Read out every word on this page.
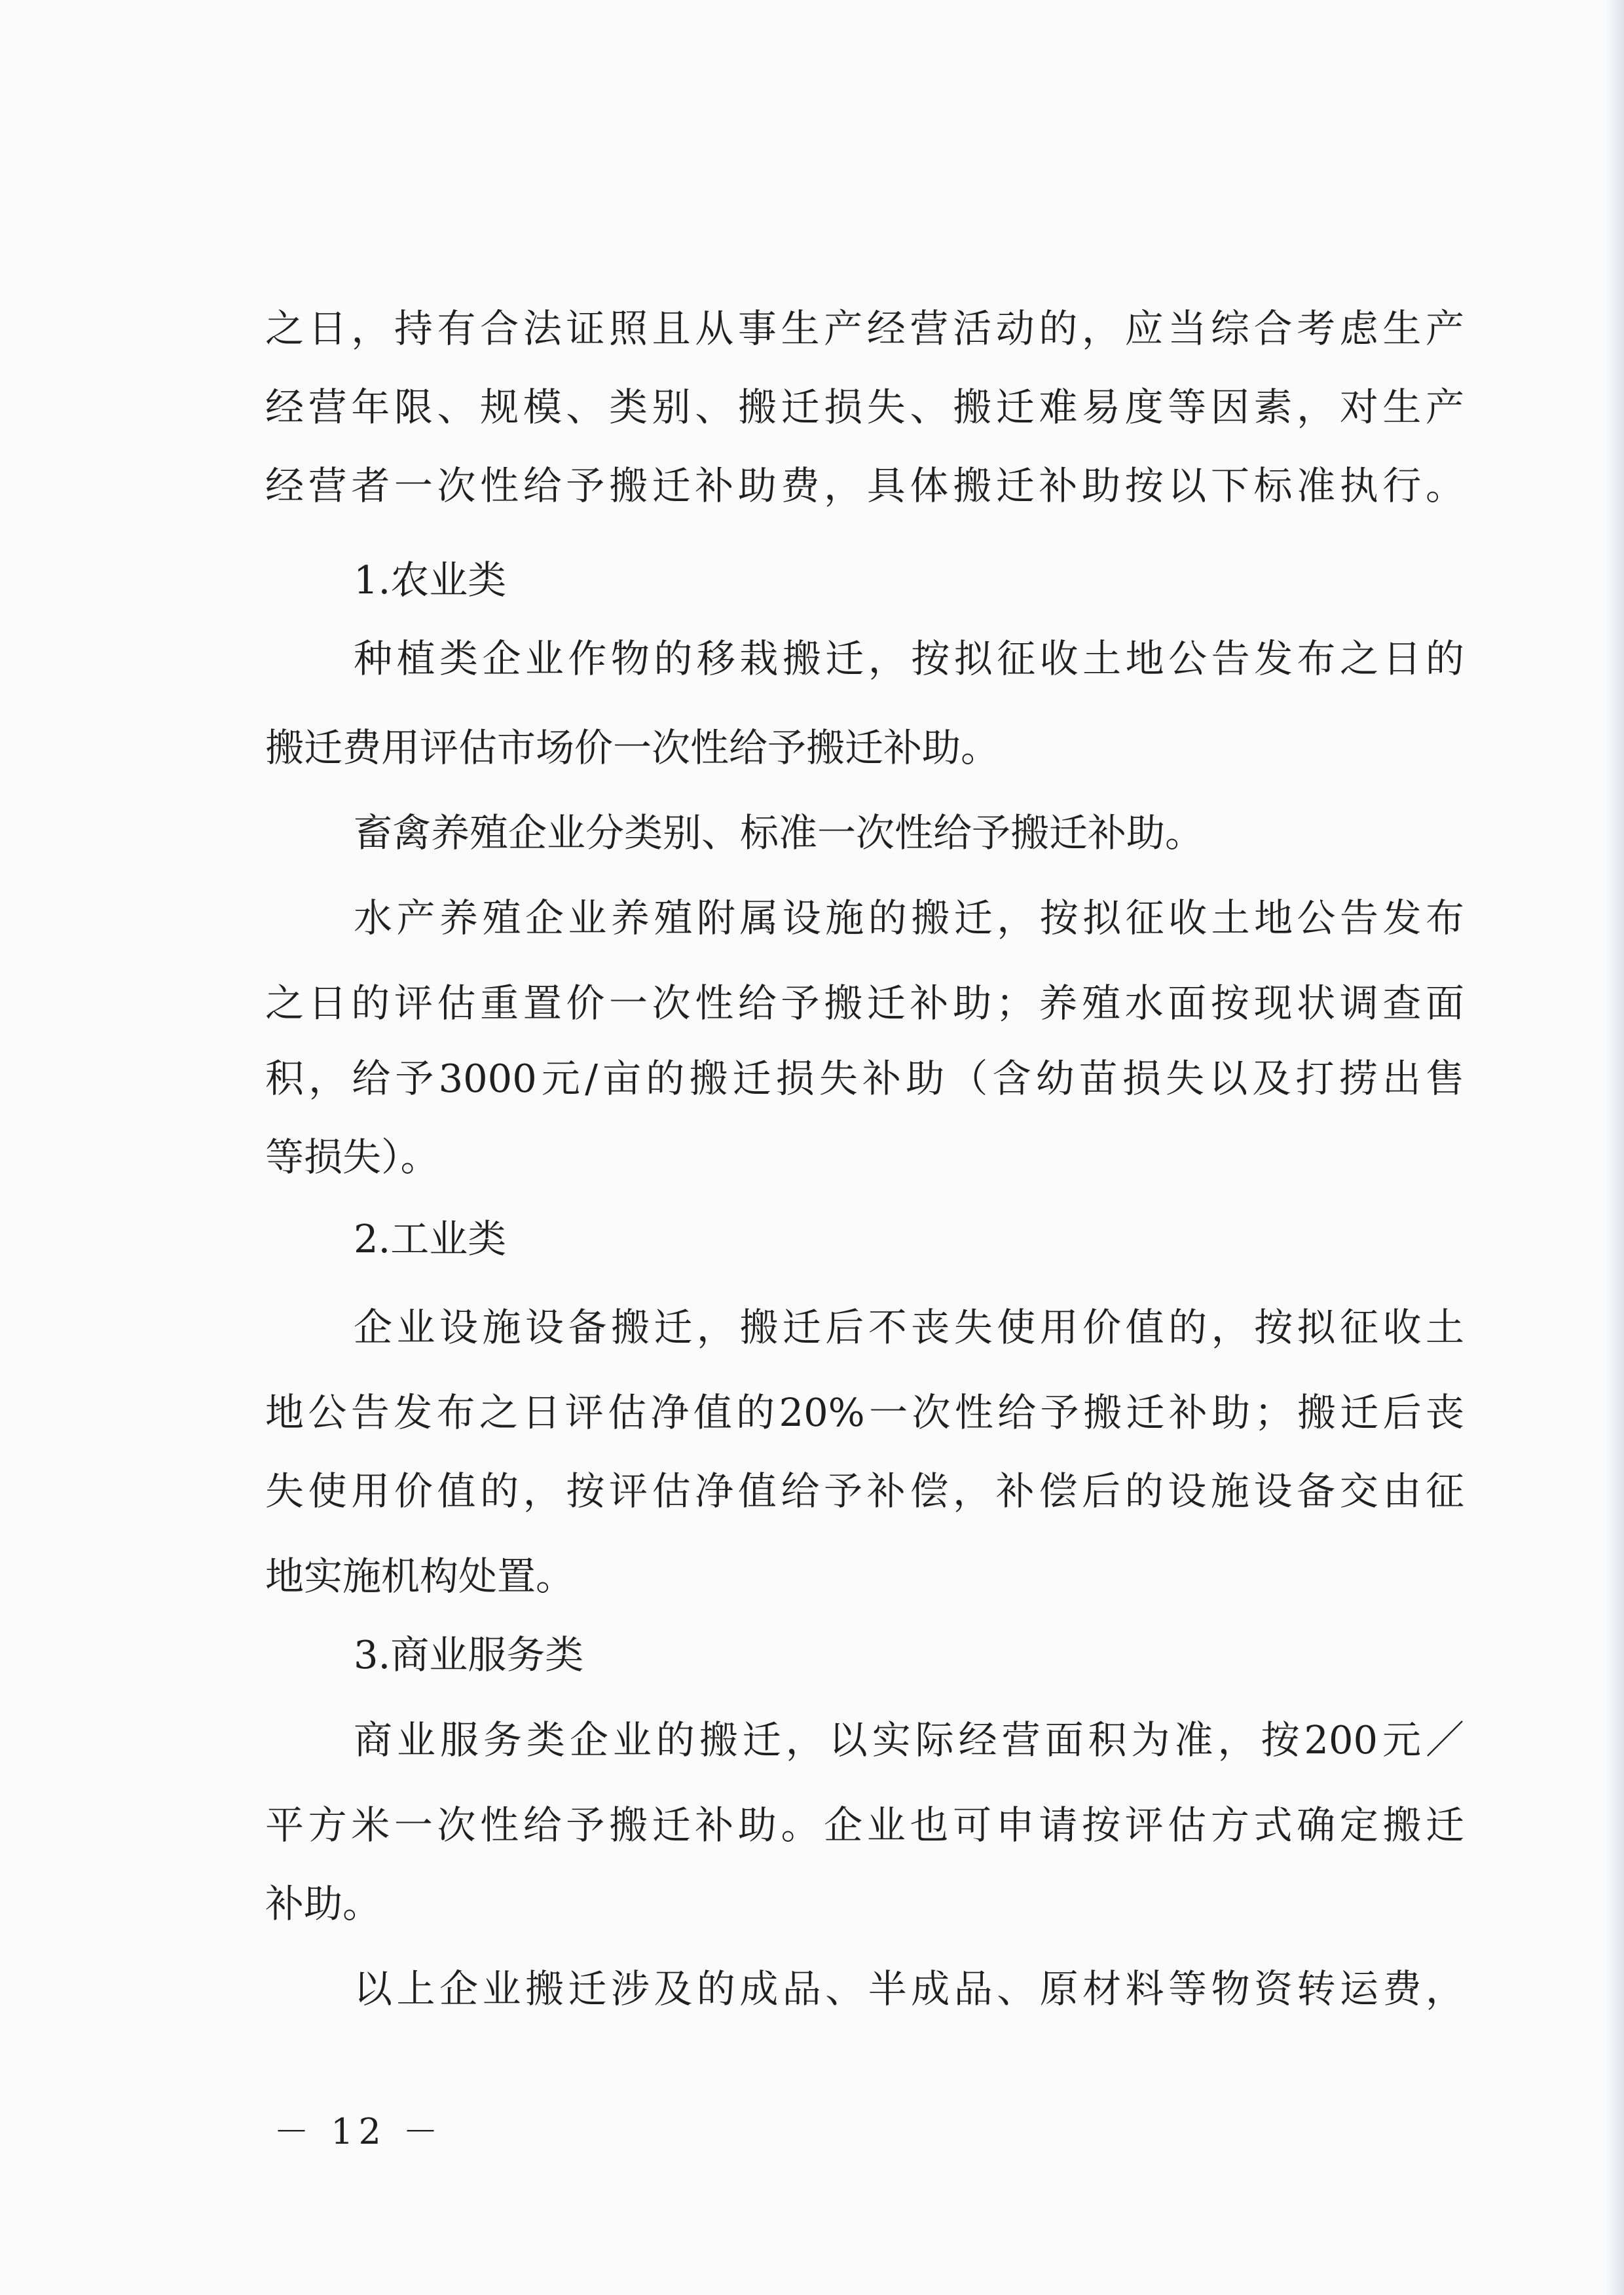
之日，持有合法证照且从事生产经营活动的，应当综合考虑生产

经营年限、规模、类别、搬迁损失、搬迁难易度等因素，对生产

经营者一次性给予搬迁补助费，具体搬迁补助按以下标准执行。

1.农业类

种植类企业作物的移栽搬迁，按拟征收土地公告发布之日的

搬迁费用评估市场价一次性给予搬迁补助。

畜禽养殖企业分类别、标准一次性给予搬迁补助。

水产养殖企业养殖附属设施的搬迁，按拟征收土地公告发布

之日的评估重置价一次性给予搬迁补助；养殖水面按现状调查面

积，给予3000元/亩的搬迁损失补助（含幼苗损失以及打捞出售

等损失）。

2.工业类

企业设施设备搬迁，搬迁后不丧失使用价值的，按拟征收土

地公告发布之日评估净值的20%一次性给予搬迁补助；搬迁后丧

失使用价值的，按评估净值给予补偿，补偿后的设施设备交由征

地实施机构处置。

3.商业服务类

商业服务类企业的搬迁，以实际经营面积为准，按200元／

平方米一次性给予搬迁补助。企业也可申请按评估方式确定搬迁

补助。

以上企业搬迁涉及的成品、半成品、原材料等物资转运费，

－ 12 －
